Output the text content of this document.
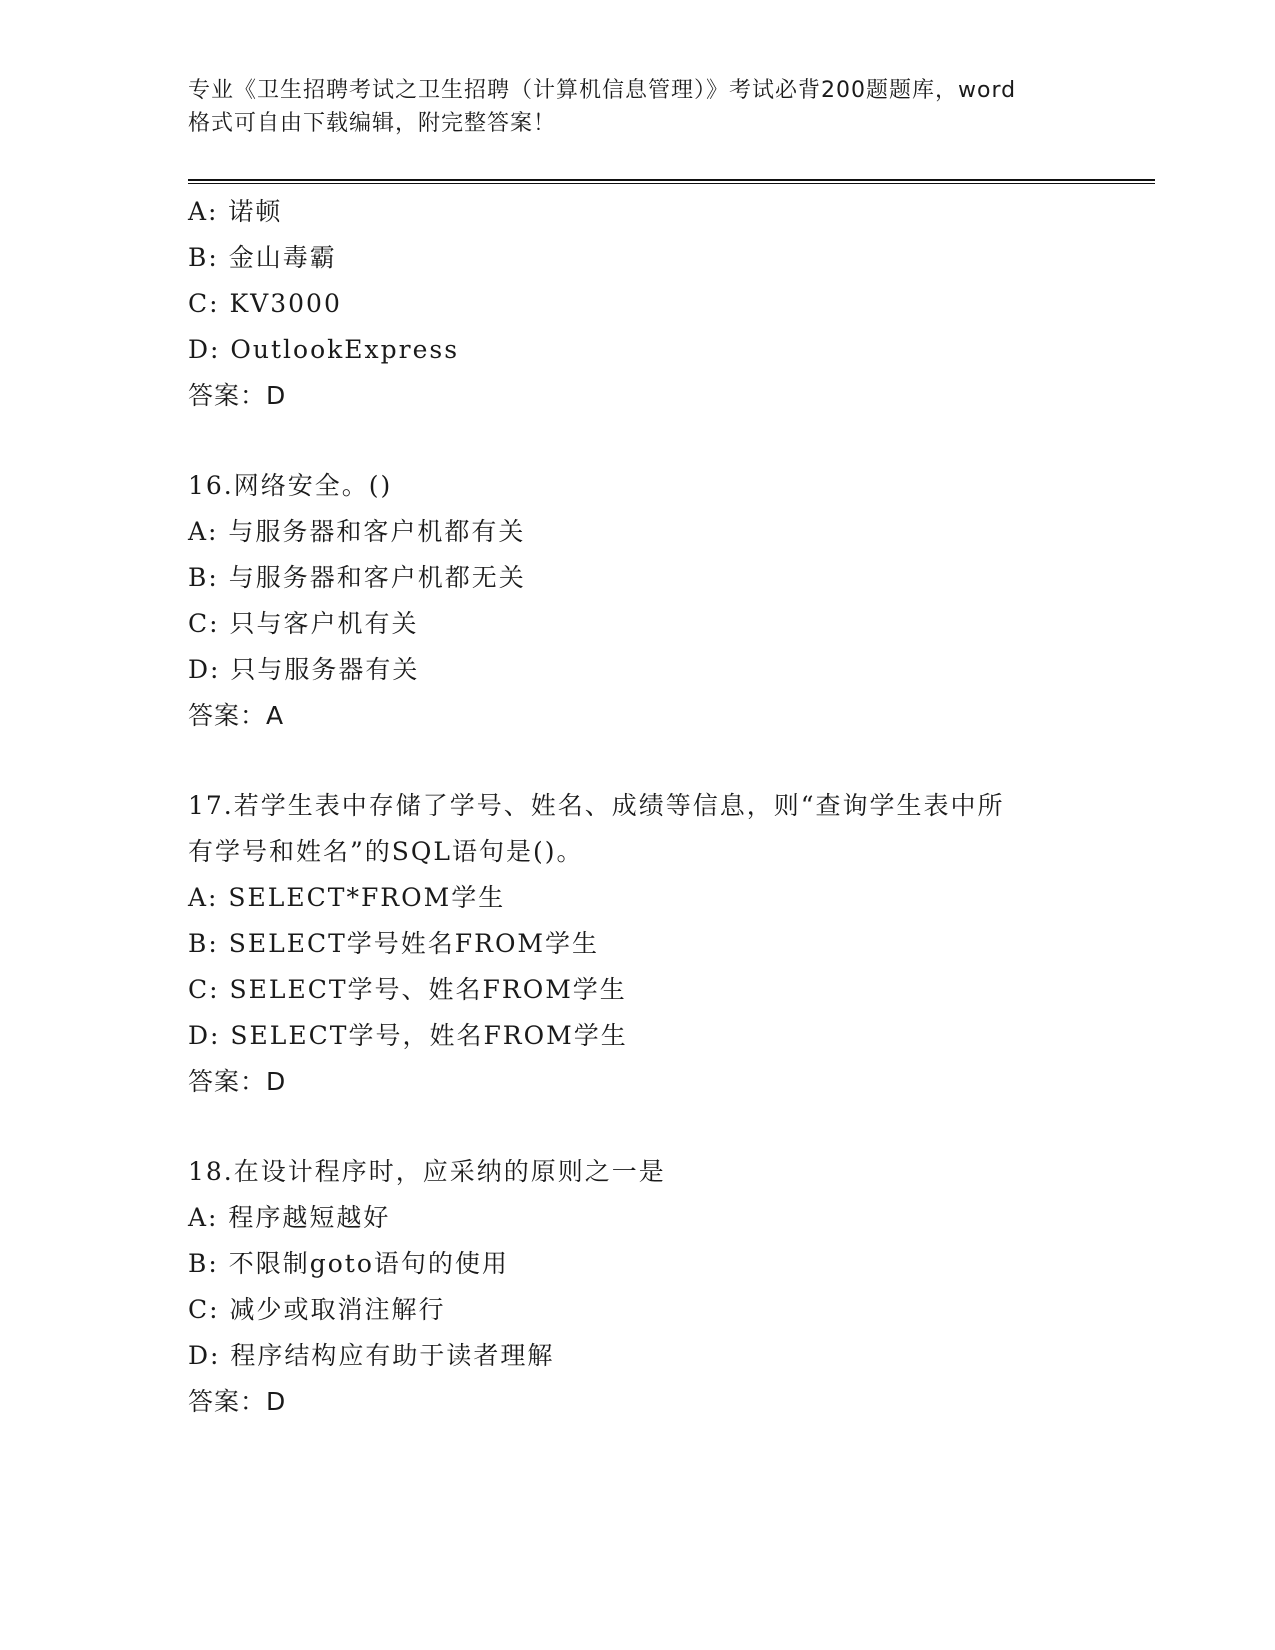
专业《卫生招聘考试之卫生招聘（计算机信息管理）》考试必背200题题库，word
格式可自由下载编辑，附完整答案！
A: 诺顿
B: 金山毒霸
C: KV3000
D: OutlookExpress
答案：D
16.网络安全。()
A: 与服务器和客户机都有关
B: 与服务器和客户机都无关
C: 只与客户机有关
D: 只与服务器有关
答案：A
17.若学生表中存储了学号、姓名、成绩等信息，则“查询学生表中所
有学号和姓名”的SQL语句是()。
A: SELECT*FROM学生
B: SELECT学号姓名FROM学生
C: SELECT学号、姓名FROM学生
D: SELECT学号，姓名FROM学生
答案：D
18.在设计程序时，应采纳的原则之一是
A: 程序越短越好
B: 不限制goto语句的使用
C: 减少或取消注解行
D: 程序结构应有助于读者理解
答案：D
